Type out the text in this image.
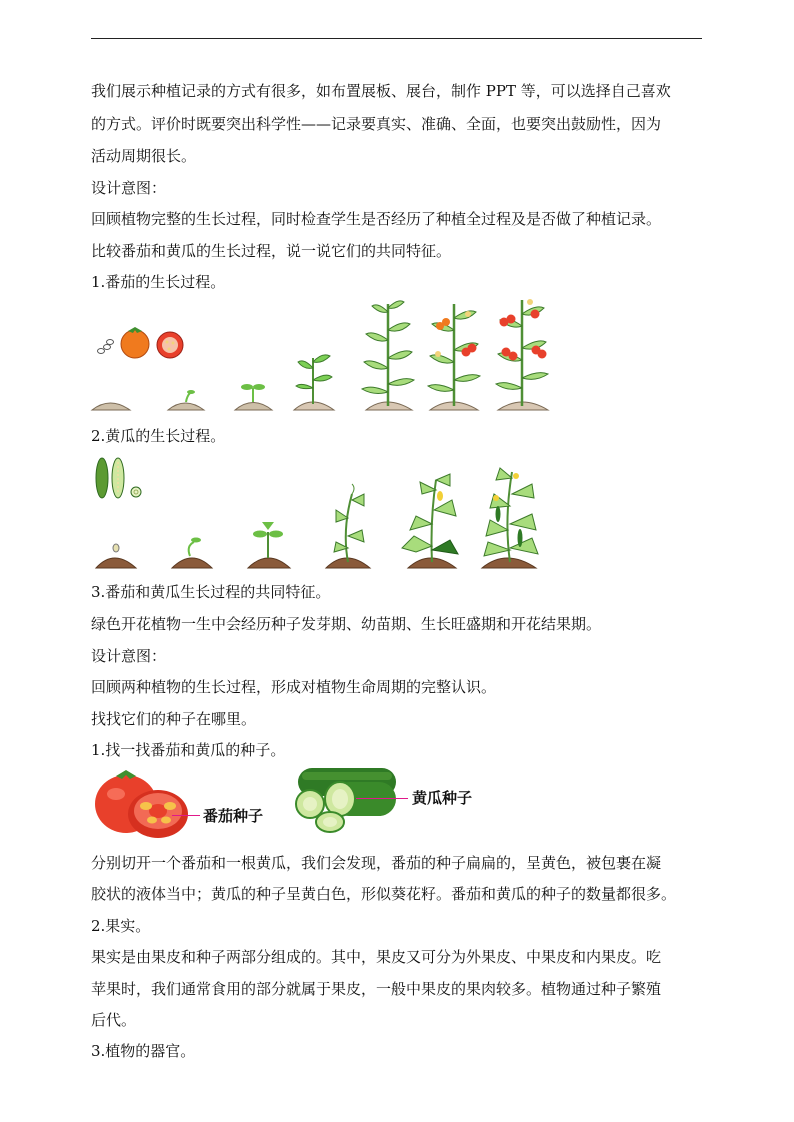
我们展示种植记录的方式有很多，如布置展板、展台，制作 PPT 等，可以选择自己喜欢
的方式。评价时既要突出科学性——记录要真实、准确、全面，也要突出鼓励性，因为
活动周期很长。
设计意图：
回顾植物完整的生长过程，同时检查学生是否经历了种植全过程及是否做了种植记录。
比较番茄和黄瓜的生长过程，说一说它们的共同特征。
1.番茄的生长过程。
2.黄瓜的生长过程。
3.番茄和黄瓜生长过程的共同特征。
绿色开花植物一生中会经历种子发芽期、幼苗期、生长旺盛期和开花结果期。
设计意图：
回顾两种植物的生长过程，形成对植物生命周期的完整认识。
找找它们的种子在哪里。
1.找一找番茄和黄瓜的种子。
番茄种子
黄瓜种子
分别切开一个番茄和一根黄瓜，我们会发现，番茄的种子扁扁的，呈黄色，被包裹在凝
胶状的液体当中；黄瓜的种子呈黄白色，形似葵花籽。番茄和黄瓜的种子的数量都很多。
2.果实。
果实是由果皮和种子两部分组成的。其中，果皮又可分为外果皮、中果皮和内果皮。吃
苹果时，我们通常食用的部分就属于果皮，一般中果皮的果肉较多。植物通过种子繁殖
后代。
3.植物的器官。
